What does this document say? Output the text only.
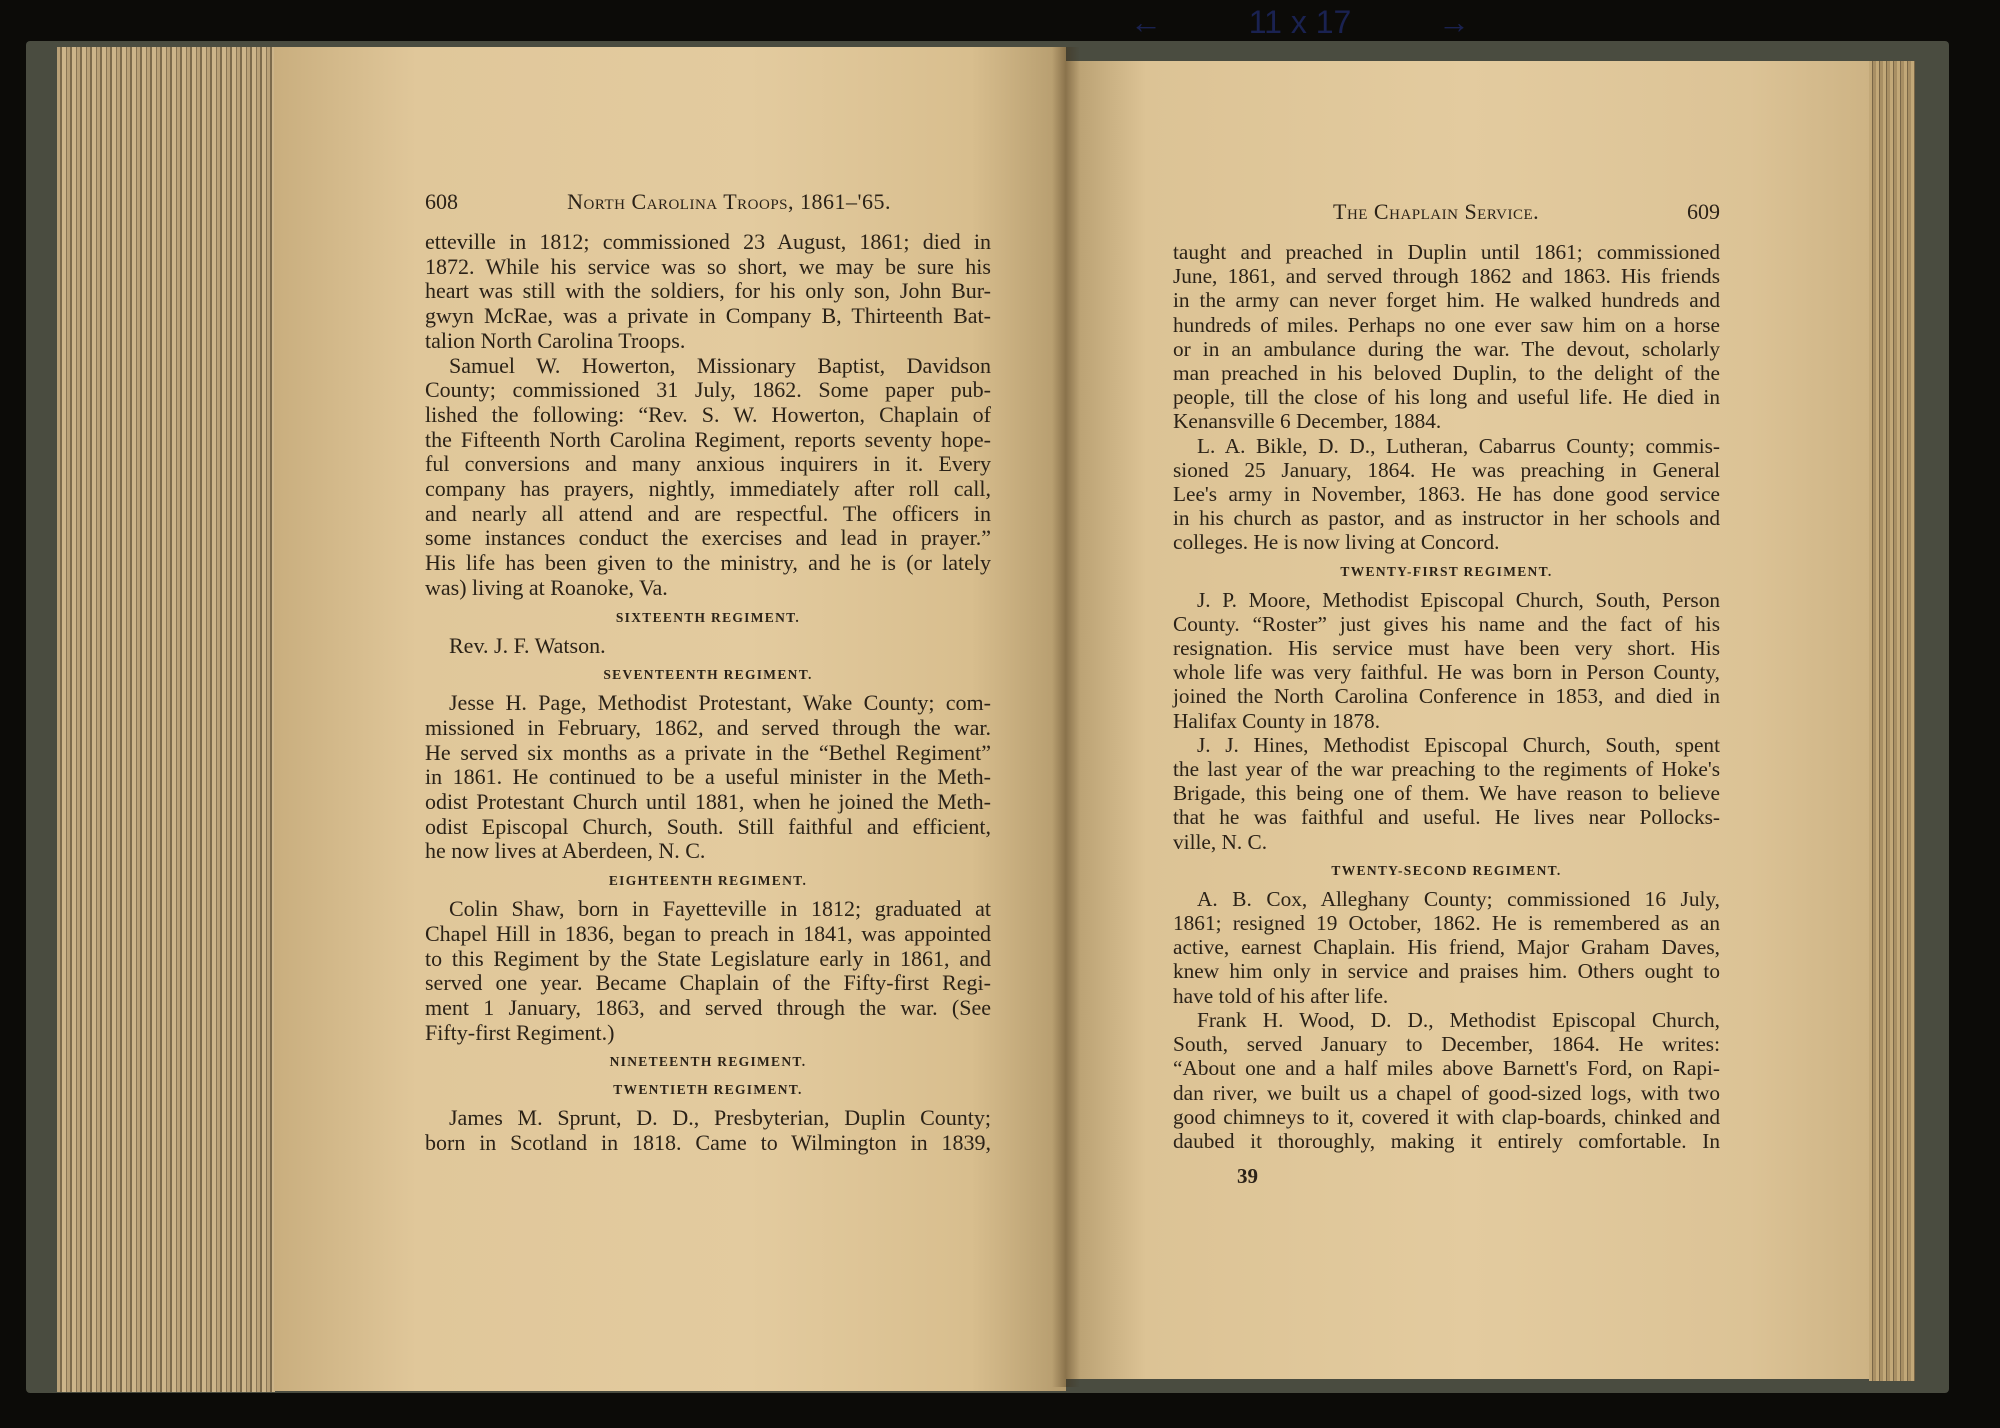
←	11 x 17	→
608	North Carolina Troops, 1861–'65.
etteville in 1812; commissioned 23 August, 1861; died in
1872. While his service was so short, we may be sure his
heart was still with the soldiers, for his only son, John Bur-
gwyn McRae, was a private in Company B, Thirteenth Bat-
talion North Carolina Troops.
Samuel W. Howerton, Missionary Baptist, Davidson
County; commissioned 31 July, 1862. Some paper pub-
lished the following: “Rev. S. W. Howerton, Chaplain of
the Fifteenth North Carolina Regiment, reports seventy hope-
ful conversions and many anxious inquirers in it. Every
company has prayers, nightly, immediately after roll call,
and nearly all attend and are respectful. The officers in
some instances conduct the exercises and lead in prayer.”
His life has been given to the ministry, and he is (or lately
was) living at Roanoke, Va.
SIXTEENTH REGIMENT.
Rev. J. F. Watson.
SEVENTEENTH REGIMENT.
Jesse H. Page, Methodist Protestant, Wake County; com-
missioned in February, 1862, and served through the war.
He served six months as a private in the “Bethel Regiment”
in 1861. He continued to be a useful minister in the Meth-
odist Protestant Church until 1881, when he joined the Meth-
odist Episcopal Church, South. Still faithful and efficient,
he now lives at Aberdeen, N. C.
EIGHTEENTH REGIMENT.
Colin Shaw, born in Fayetteville in 1812; graduated at
Chapel Hill in 1836, began to preach in 1841, was appointed
to this Regiment by the State Legislature early in 1861, and
served one year. Became Chaplain of the Fifty-first Regi-
ment 1 January, 1863, and served through the war. (See
Fifty-first Regiment.)
NINETEENTH REGIMENT.
TWENTIETH REGIMENT.
James M. Sprunt, D. D., Presbyterian, Duplin County;
born in Scotland in 1818. Came to Wilmington in 1839,
The Chaplain Service.	609
taught and preached in Duplin until 1861; commissioned
June, 1861, and served through 1862 and 1863. His friends
in the army can never forget him. He walked hundreds and
hundreds of miles. Perhaps no one ever saw him on a horse
or in an ambulance during the war. The devout, scholarly
man preached in his beloved Duplin, to the delight of the
people, till the close of his long and useful life. He died in
Kenansville 6 December, 1884.
L. A. Bikle, D. D., Lutheran, Cabarrus County; commis-
sioned 25 January, 1864. He was preaching in General
Lee's army in November, 1863. He has done good service
in his church as pastor, and as instructor in her schools and
colleges. He is now living at Concord.
TWENTY-FIRST REGIMENT.
J. P. Moore, Methodist Episcopal Church, South, Person
County. “Roster” just gives his name and the fact of his
resignation. His service must have been very short. His
whole life was very faithful. He was born in Person County,
joined the North Carolina Conference in 1853, and died in
Halifax County in 1878.
J. J. Hines, Methodist Episcopal Church, South, spent
the last year of the war preaching to the regiments of Hoke's
Brigade, this being one of them. We have reason to believe
that he was faithful and useful. He lives near Pollocks-
ville, N. C.
TWENTY-SECOND REGIMENT.
A. B. Cox, Alleghany County; commissioned 16 July,
1861; resigned 19 October, 1862. He is remembered as an
active, earnest Chaplain. His friend, Major Graham Daves,
knew him only in service and praises him. Others ought to
have told of his after life.
Frank H. Wood, D. D., Methodist Episcopal Church,
South, served January to December, 1864. He writes:
“About one and a half miles above Barnett's Ford, on Rapi-
dan river, we built us a chapel of good-sized logs, with two
good chimneys to it, covered it with clap-boards, chinked and
daubed it thoroughly, making it entirely comfortable. In
39
